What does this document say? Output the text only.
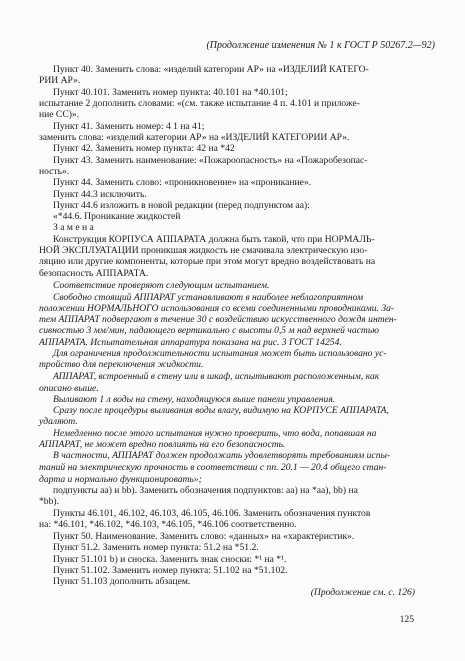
(Продолжение изменения № 1 к ГОСТ Р 50267.2—92)
Пункт 40. Заменить слова: «изделий категории АР» на «ИЗДЕЛИЙ КАТЕГО-
РИИ АР».
Пункт 40.101. Заменить номер пункта: 40.101 на *40.101;
испытание 2 дополнить словами: «(см. также испытание 4 п. 4.101 и приложе-
ние СС)».
Пункт 41. Заменить номер: 4 1 на 41;
заменить слова: «изделий категории АР» на «ИЗДЕЛИЙ КАТЕГОРИИ АР».
Пункт 42. Заменить номер пункта: 42 на *42
Пункт 43. Заменить наименование: «Пожароопасность» на «Пожаробезопас-
ность».
Пункт 44. Заменить слово: «проникновение» на «проникание».
Пункт 44.3 исключить.
Пункт 44.6 изложить в новой редакции (перед подпунктом аа):
«*44.6. Проникание жидкостей
З а м е н а
Конструкция КОРПУСА АППАРАТА должна быть такой, что при НОРМАЛЬ-
НОЙ ЭКСПЛУАТАЦИИ проникшая жидкость не смачивала электрическую изо-
ляцию или другие компоненты, которые при этом могут вредно воздействовать на
безопасность АППАРАТА.
Соответствие проверяют следующим испытанием.
Свободно стоящий АППАРАТ устанавливают в наиболее неблагоприятном
положении НОРМАЛЬНОГО использования со всеми соединенными проводниками. За-
тем АППАРАТ подвергают в течение 30 с воздействию искусственного дождя интен-
сивностью 3 мм/мин, падающего вертикально с высоты 0,5 м над верхней частью
АППАРАТА. Испытательная аппаратура показана на рис. 3 ГОСТ 14254.
Для ограничения продолжительности испытания может быть использовано ус-
тройство для переключения жидкости.
АППАРАТ, встроенный в стену или в шкаф, испытывают расположенным, как
описано выше.
Выливают 1 л воды на стену, находящуюся выше панели управления.
Сразу после процедуры выливания воды влагу, видимую на КОРПУСЕ АППАРАТА,
удаляют.
Немедленно после этого испытания нужно проверить, что вода, попавшая на
АППАРАТ, не может вредно повлиять на его безопасность.
В частности, АППАРАТ должен продолжать удовлетворять требованиям испы-
таний на электрическую прочность в соответствии с пп. 20.1 — 20.4 общего стан-
дарта и нормально функционировать»;
подпункты аа) и bb). Заменить обозначения подпунктов: аа) на *аа), bb) на
*bb).
Пункты 46.101, 46.102, 46.103, 46.105, 46.106. Заменить обозначения пунктов
на: *46.101, *46.102, *46.103, *46.105, *46.106 соответственно.
Пункт 50. Наименование. Заменить слово: «данных» на «характеристик».
Пункт 51.2. Заменить номер пункта: 51.2 на *51.2.
Пункт 51.101 b) и сноска. Заменить знак сноски: *¹ на *¹.
Пункт 51.102. Заменить номер пункта: 51.102 на *51.102.
Пункт 51.103 дополнить абзацем.
(Продолжение см. с. 126)
125
